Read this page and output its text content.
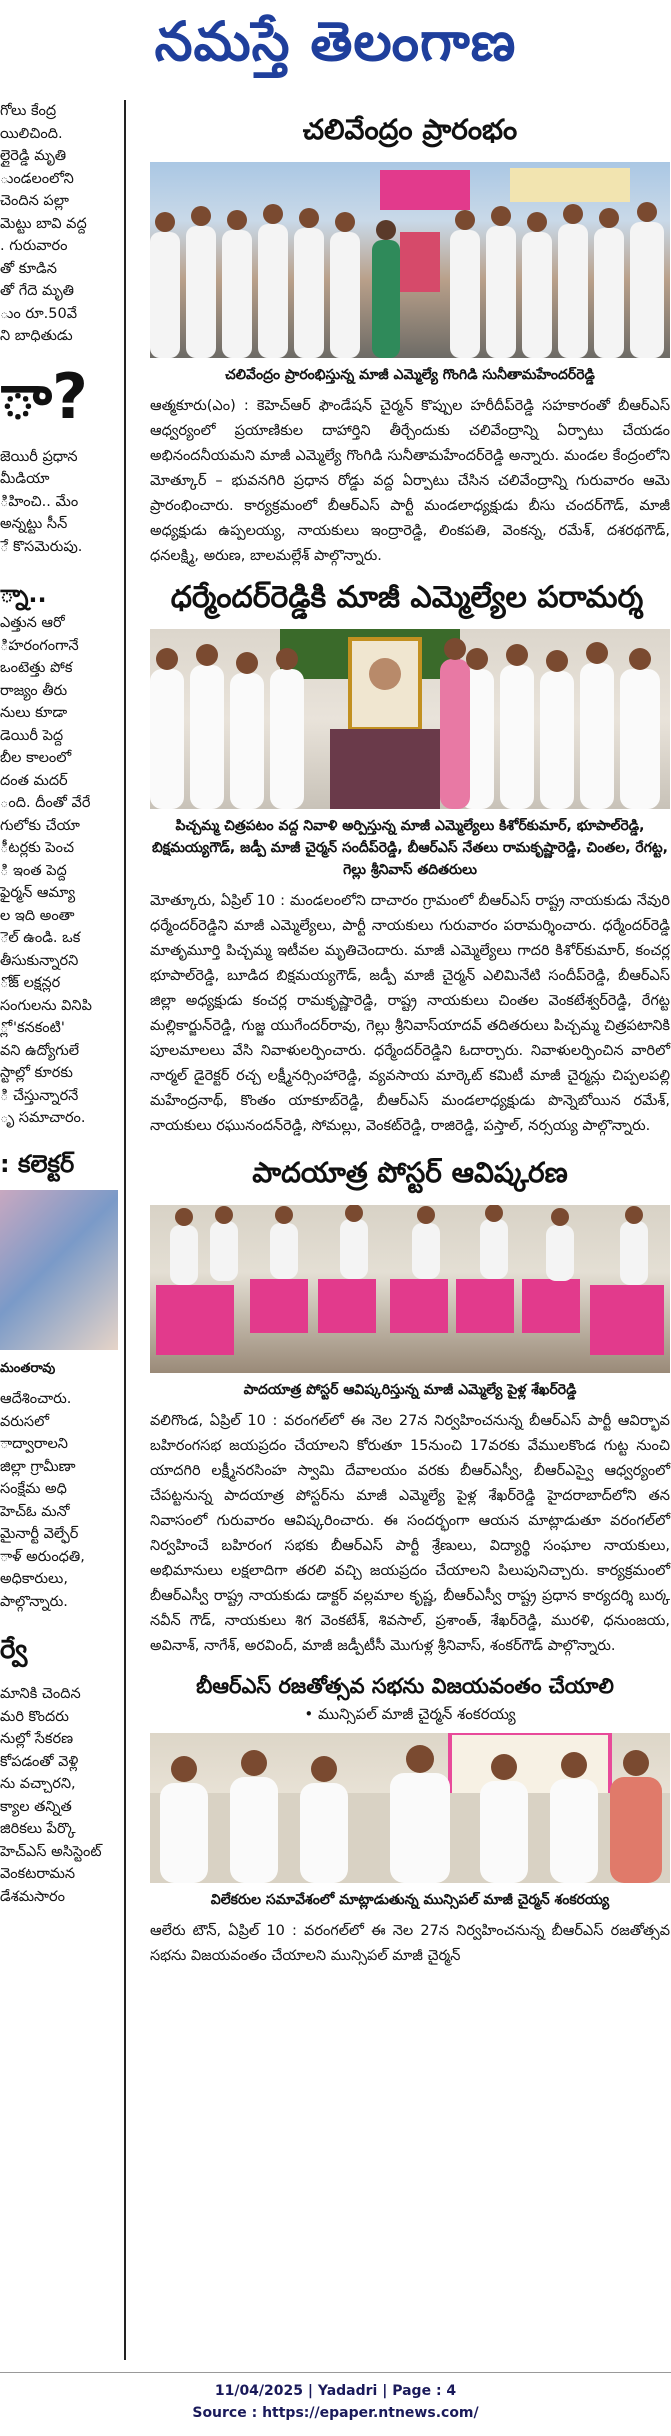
నమస్తే తెలంగాణ

గోలు కేంద్ర

యిలిచింది.

ల్లైరెడ్డి మృతి

ుండలంలోని

చెందిన పల్లా

మెట్టు బావి వద్ద

. గురువారం

తో కూడిన

తో గేదె మృతి

ుం రూ.50వే

ని బాధితుడు

ా?

జెయిరీ ప్రధాన

మీడియా

ిహించి.. మేం

అన్నట్టు సీన్

ే కొసమెరుపు.

్నా..

ఎత్తున ఆరో

ిహరంగంగానే

ఒంటెత్తు పోక

రాజ్యం తీరు

నులు కూడా

డెయిరీ పెద్ద

బీల కాలంలో

దంత మదర్

ంది. దీంతో వేరే

గులోకు చేయా

ీటర్లకు పెంచ

ి ఇంత పెద్ద

ఫైర్మన్ ఆమ్యా

ల ఇది అంతా

ెల్ ఉండి. ఒక

తీసుకున్నారని

ోజ్‌ లక్షన్లర

సంగులను వినిపి

్లో 'కనకంటి'

వని ఉద్యోగులే

స్టాల్లో కూరకు

ి చేస్తున్నారనే

ృ సమాచారం.

: కలెక్టర్

మంతరావు

ఆదేశించారు.

వరుసలో

ాద్వారాలని

జిల్లా గ్రామీణా

సంక్షేమ అధి

హెచ్ఓ మనో

మైనార్టీ వెల్ఫేర్

ాళ్ అరుంధతి,

అధికారులు,

పాల్గొన్నారు.

ర్వే

మానికి చెందిన

మరి కొందరు

నుల్లో సేకరణ

కోపడంతో వెళ్లి

ను వచ్చారని,

క్యాల తన్నిత

జిరికలు పేర్కొ

హెచ్ఎస్ అసిస్టెంట్

వెంకటరామన

డేశమసారం

చలివేంద్రం ప్రారంభం
చలివేంద్రం ప్రారంభిస్తున్న మాజీ ఎమ్మెల్యే గొంగిడి సునీతామహేందర్‌రెడ్డి

ఆత్మకూరు(ఎం) : కెహెచ్‌ఆర్ ఫౌండేషన్ చైర్మన్ కొప్పుల హరీదీప్‌రెడ్డి సహకారంతో బీఆర్ఎస్ ఆధ్వర్యంలో ప్రయాణికుల దాహార్తిని తీర్చేందుకు చలివేంద్రాన్ని ఏర్పాటు చేయడం అభినందనీయమని మాజీ ఎమ్మెల్యే గొంగిడి సునీతామహేందర్‌రెడ్డి అన్నారు. మండల కేంద్రంలోని మోత్కూర్ – భువనగిరి ప్రధాన రోడ్డు వద్ద ఏర్పాటు చేసిన చలివేంద్రాన్ని గురువారం ఆమె ప్రారంభించారు. కార్యక్రమంలో బీఆర్ఎస్ పార్టీ మండలాధ్యక్షుడు బీసు చందర్‌గౌడ్, మాజీ అధ్యక్షుడు ఉప్పలయ్య, నాయకులు ఇంద్రారెడ్డి, లింకపతి, వెంకన్న, రమేశ్, దశరథగౌడ్, ధనలక్ష్మి, అరుణ, బాలమల్లేశ్ పాల్గొన్నారు.

ధర్మేందర్‌రెడ్డికి మాజీ ఎమ్మెల్యేల పరామర్శ
పిచ్చమ్మ చిత్రపటం వద్ద నివాళి అర్పిస్తున్న మాజీ ఎమ్మెల్యేలు కిశోర్‌కుమార్, భూపాల్‌రెడ్డి, బిక్షమయ్యగౌడ్, జడ్పీ మాజీ చైర్మన్ సందీప్‌రెడ్డి, బీఆర్ఎస్ నేతలు రామకృష్ణారెడ్డి, చింతల, రేగట్ట, గెల్లు శ్రీనివాస్ తదితరులు

మోత్కూరు, ఏప్రిల్ 10 : మండలంలోని దాచారం గ్రామంలో బీఆర్ఎస్ రాష్ట్ర నాయకుడు నేవురి ధర్మేందర్‌రెడ్డిని మాజీ ఎమ్మెల్యేలు, పార్టీ నాయకులు గురువారం పరామర్శించారు. ధర్మేందర్‌రెడ్డి మాతృమూర్తి పిచ్చమ్మ ఇటీవల మృతిచెందారు. మాజీ ఎమ్మెల్యేలు గాదరి కిశోర్‌కుమార్, కంచర్ల భూపాల్‌రెడ్డి, బూడిద బిక్షమయ్యగౌడ్, జడ్పీ మాజీ చైర్మన్ ఎలిమినేటి సందీప్‌రెడ్డి, బీఆర్ఎస్ జిల్లా అధ్యక్షుడు కంచర్ల రామకృష్ణారెడ్డి, రాష్ట్ర నాయకులు చింతల వెంకటేశ్వర్‌రెడ్డి, రేగట్ట మల్లికార్జున్‌రెడ్డి, గుజ్జ యుగేందర్‌రావు, గెల్లు శ్రీనివాస్‌యాదవ్ తదితరులు పిచ్చమ్మ చిత్రపటానికి పూలమాలలు వేసి నివాళులర్పించారు. ధర్మేందర్‌రెడ్డిని ఓదార్చారు. నివాళులర్పించిన వారిలో నార్మల్ డైరెక్టర్ రచ్చ లక్ష్మీనర్సింహారెడ్డి, వ్యవసాయ మార్కెట్ కమిటీ మాజీ చైర్మన్లు చిప్పలపల్లి మహేంద్రనాథ్, కొంతం యాకూబ్‌రెడ్డి, బీఆర్ఎస్ మండలాధ్యక్షుడు పొన్నెబోయిన రమేశ్, నాయకులు రఘునందన్‌రెడ్డి, సోమల్లు, వెంకట్‌రెడ్డి, రాజిరెడ్డి, పస్తాల్, నర్సయ్య పాల్గొన్నారు.

పాదయాత్ర పోస్టర్ ఆవిష్కరణ
పాదయాత్ర పోస్టర్ ఆవిష్కరిస్తున్న మాజీ ఎమ్మెల్యే పైళ్ల శేఖర్‌రెడ్డి

వలిగొండ, ఏప్రిల్ 10 : వరంగల్‌లో ఈ నెల 27న నిర్వహించనున్న బీఆర్ఎస్ పార్టీ ఆవిర్భావ బహిరంగసభ జయప్రదం చేయాలని కోరుతూ 15నుంచి 17వరకు వేములకొండ గుట్ట నుంచి యాదగిరి లక్ష్మీనరసింహ స్వామి దేవాలయం వరకు బీఆర్ఎస్వీ, బీఆర్ఎస్వై ఆధ్వర్యంలో చేపట్టనున్న పాదయాత్ర పోస్టర్‌ను మాజీ ఎమ్మెల్యే పైళ్ల శేఖర్‌రెడ్డి హైదరాబాద్‌లోని తన నివాసంలో గురువారం ఆవిష్కరించారు. ఈ సందర్భంగా ఆయన మాట్లాడుతూ వరంగల్‌లో నిర్వహించే బహిరంగ సభకు బీఆర్ఎస్ పార్టీ శ్రేణులు, విద్యార్థి సంఘాల నాయకులు, అభిమానులు లక్షలాదిగా తరలి వచ్చి జయప్రదం చేయాలని పిలుపునిచ్చారు. కార్యక్రమంలో బీఆర్ఎస్వీ రాష్ట్ర నాయకుడు డాక్టర్ వల్లమాల కృష్ణ, బీఆర్ఎస్వీ రాష్ట్ర ప్రధాన కార్యదర్శి బుర్క నవీన్ గౌడ్, నాయకులు శిగ వెంకటేశ్, శివసాల్, ప్రశాంత్, శేఖర్‌రెడ్డి, మురళి, ధనుంజయ, అవినాశ్, నాగేశ్, అరవింద్, మాజీ జడ్పీటీసీ మొగుళ్ల శ్రీనివాస్, శంకర్‌గౌడ్ పాల్గొన్నారు.

బీఆర్ఎస్ రజతోత్సవ సభను విజయవంతం చేయాలి
• మున్సిపల్ మాజీ చైర్మన్ శంకరయ్య
విలేకరుల సమావేశంలో మాట్లాడుతున్న మున్సిపల్ మాజీ చైర్మన్ శంకరయ్య

ఆలేరు టౌన్, ఏప్రిల్ 10 : వరంగల్‌లో ఈ నెల 27న నిర్వహించనున్న బీఆర్ఎస్ రజతోత్సవ సభను విజయవంతం చేయాలని మున్సిపల్ మాజీ చైర్మన్

11/04/2025 | Yadadri | Page : 4
Source : https://epaper.ntnews.com/
